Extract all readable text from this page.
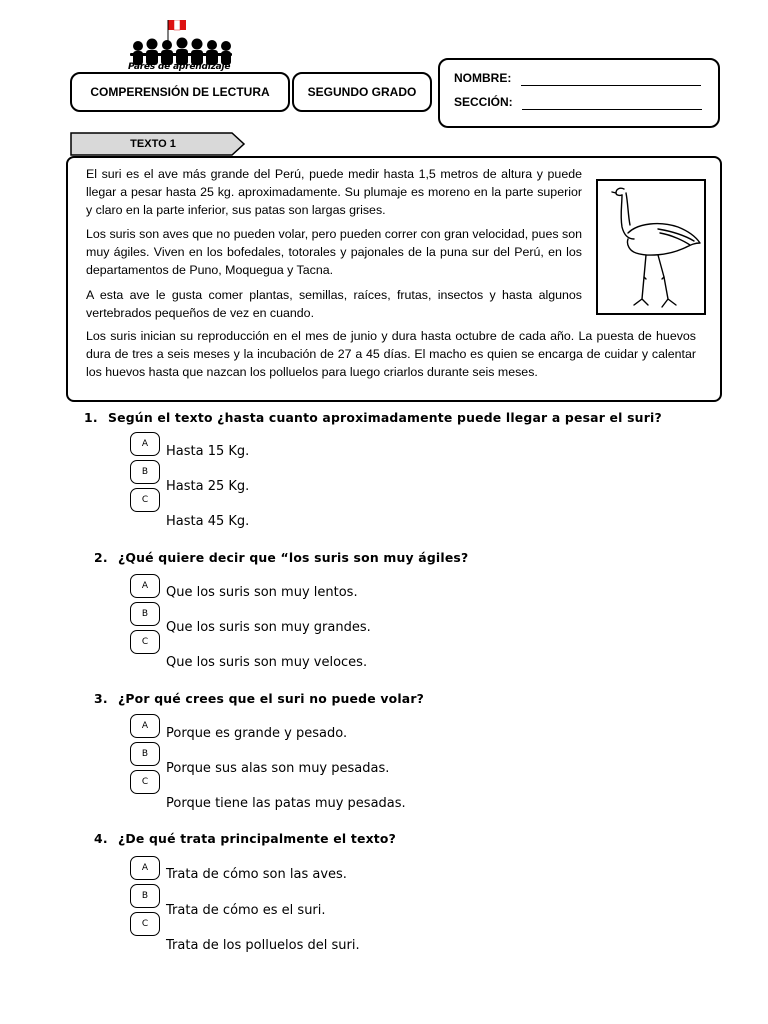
Pares de aprendizaje
COMPERENSIÓN DE LECTURA	SEGUNDO GRADO
NOMBRE:
SECCIÓN:
TEXTO 1
El suri es el ave más grande del Perú, puede medir hasta 1,5 metros de altura y puede llegar a pesar hasta 25 kg. aproximadamente. Su plumaje es moreno en la parte superior y claro en la parte inferior, sus patas son largas grises.
Los suris son aves que no pueden volar, pero pueden correr con gran velocidad, pues son muy ágiles. Viven en los bofedales, totorales y pajonales de la puna sur del Perú, en los departamentos de Puno, Moquegua y Tacna.
A esta ave le gusta comer plantas, semillas, raíces, frutas, insectos y hasta algunos vertebrados pequeños de vez en cuando.
Los suris inician su reproducción en el mes de junio y dura hasta octubre de cada año. La puesta de huevos dura de tres a seis meses y la incubación de 27 a 45 días. El macho es quien se encarga de cuidar y calentar los huevos hasta que nazcan los polluelos para luego criarlos durante seis meses.
1. Según el texto ¿hasta cuanto aproximadamente puede llegar a pesar el suri?
A
B
C
Hasta 15 Kg.
Hasta 25 Kg.
Hasta 45 Kg.
2. ¿Qué quiere decir que “los suris son muy ágiles?
A
B
C
Que los suris son muy lentos.
Que los suris son muy grandes.
Que los suris son muy veloces.
3. ¿Por qué crees que el suri no puede volar?
A
B
C
Porque es grande y pesado.
Porque sus alas son muy pesadas.
Porque tiene las patas muy pesadas.
4. ¿De qué trata principalmente el texto?
A
B
C
Trata de cómo son las aves.
Trata de cómo es el suri.
Trata de los polluelos del suri.
